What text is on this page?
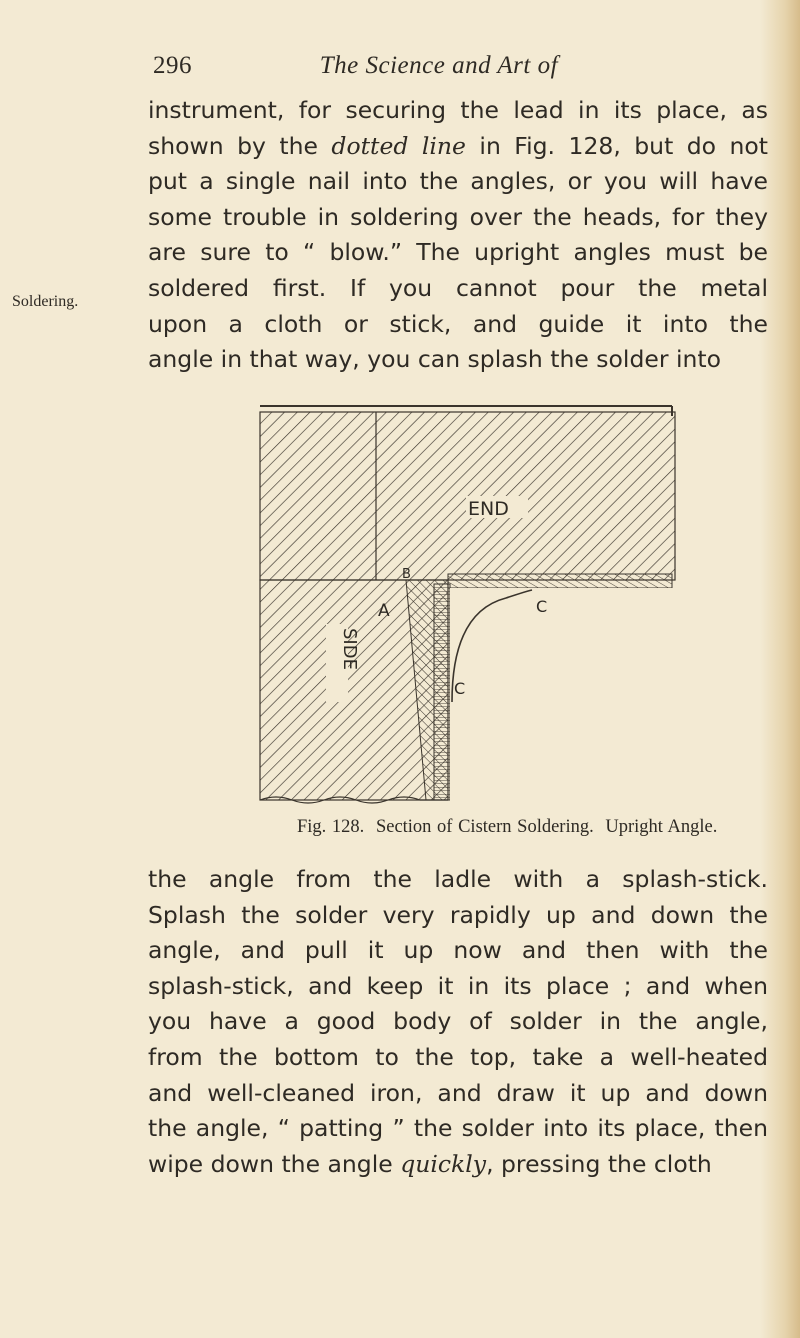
296	The Science and Art of
Soldering.

instrument, for securing the lead in its place, as
shown by the dotted line in Fig. 128, but do not
put a single nail into the angles, or you will have
some trouble in soldering over the heads, for they
are sure to “ blow.” The upright angles must be
soldered first. If you cannot pour the metal
upon a cloth or stick, and guide it into the
angle in that way, you can splash the solder into

END
SIDE
A
B
C
C
Fig. 128. Section of Cistern Soldering. Upright Angle.

the angle from the ladle with a splash-stick.
Splash the solder very rapidly up and down the
angle, and pull it up now and then with the
splash-stick, and keep it in its place ; and when
you have a good body of solder in the angle,
from the bottom to the top, take a well-heated
and well-cleaned iron, and draw it up and down
the angle, “ patting ” the solder into its place, then
wipe down the angle quickly, pressing the cloth
